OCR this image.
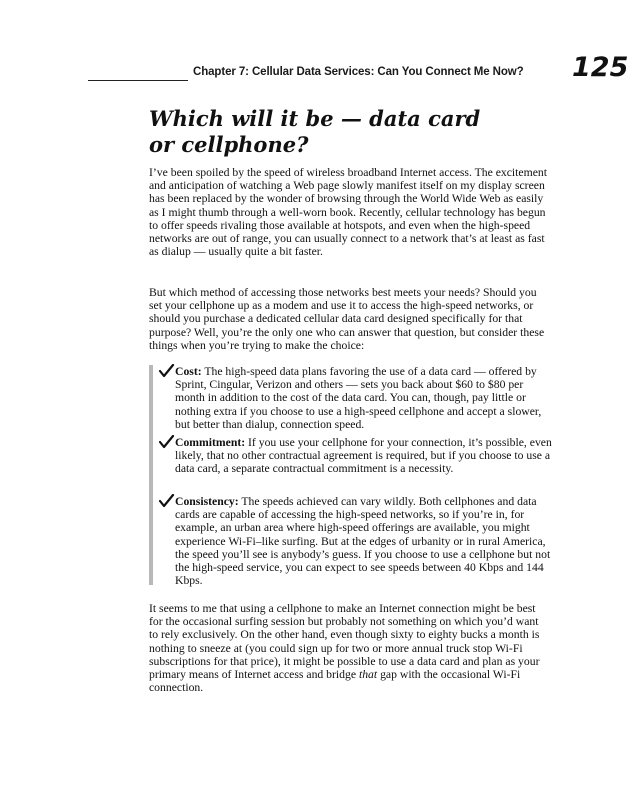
Chapter 7: Cellular Data Services: Can You Connect Me Now? 125
Which will it be — data card
or cellphone?

I’ve been spoiled by the speed of wireless broadband Internet access. The excitement and anticipation of watching a Web page slowly manifest itself on my display screen has been replaced by the wonder of browsing through the World Wide Web as easily as I might thumb through a well-worn book. Recently, cellular technology has begun to offer speeds rivaling those available at hotspots, and even when the high-speed networks are out of range, you can usually connect to a network that’s at least as fast as dialup — usually quite a bit faster.

But which method of accessing those networks best meets your needs? Should you set your cellphone up as a modem and use it to access the high-speed networks, or should you purchase a dedicated cellular data card designed specifically for that purpose? Well, you’re the only one who can answer that question, but consider these things when you’re trying to make the choice:

Cost: The high-speed data plans favoring the use of a data card — offered by Sprint, Cingular, Verizon and others — sets you back about $60 to $80 per month in addition to the cost of the data card. You can, though, pay little or nothing extra if you choose to use a high-speed cellphone and accept a slower, but better than dialup, connection speed.

Commitment: If you use your cellphone for your connection, it’s possible, even likely, that no other contractual agreement is required, but if you choose to use a data card, a separate contractual commitment is a necessity.

Consistency: The speeds achieved can vary wildly. Both cellphones and data cards are capable of accessing the high-speed networks, so if you’re in, for example, an urban area where high-speed offerings are available, you might experience Wi-Fi–like surfing. But at the edges of urbanity or in rural America, the speed you’ll see is anybody’s guess. If you choose to use a cellphone but not the high-speed service, you can expect to see speeds between 40 Kbps and 144 Kbps.

It seems to me that using a cellphone to make an Internet connection might be best for the occasional surfing session but probably not something on which you’d want to rely exclusively. On the other hand, even though sixty to eighty bucks a month is nothing to sneeze at (you could sign up for two or more annual truck stop Wi-Fi subscriptions for that price), it might be possible to use a data card and plan as your primary means of Internet access and bridge that gap with the occasional Wi-Fi connection.
